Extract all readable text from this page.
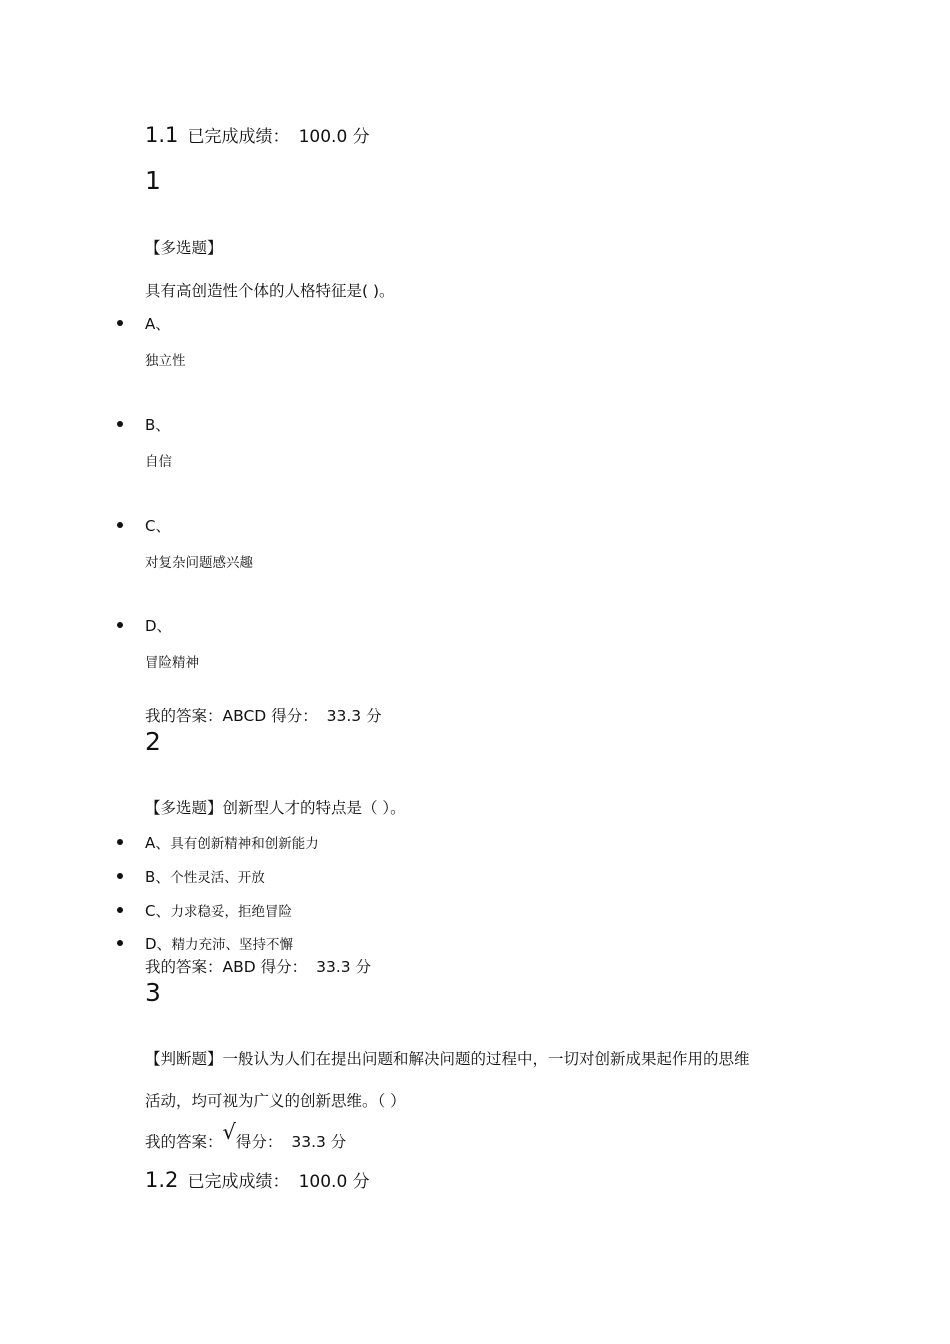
1.1 已完成成绩： 100.0 分
1
【多选题】
具有高创造性个体的人格特征是( )。
A、
独立性
B、
自信
C、
对复杂问题感兴趣
D、
冒险精神
我的答案：ABCD 得分： 33.3 分
2
【多选题】创新型人才的特点是（ ）。
A、具有创新精神和创新能力
B、个性灵活、开放
C、力求稳妥，拒绝冒险
D、精力充沛、坚持不懈
我的答案：ABD 得分： 33.3 分
3
【判断题】一般认为人们在提出问题和解决问题的过程中，一切对创新成果起作用的思维
活动，均可视为广义的创新思维。（ ）
我的答案：√得分： 33.3 分
1.2 已完成成绩： 100.0 分
